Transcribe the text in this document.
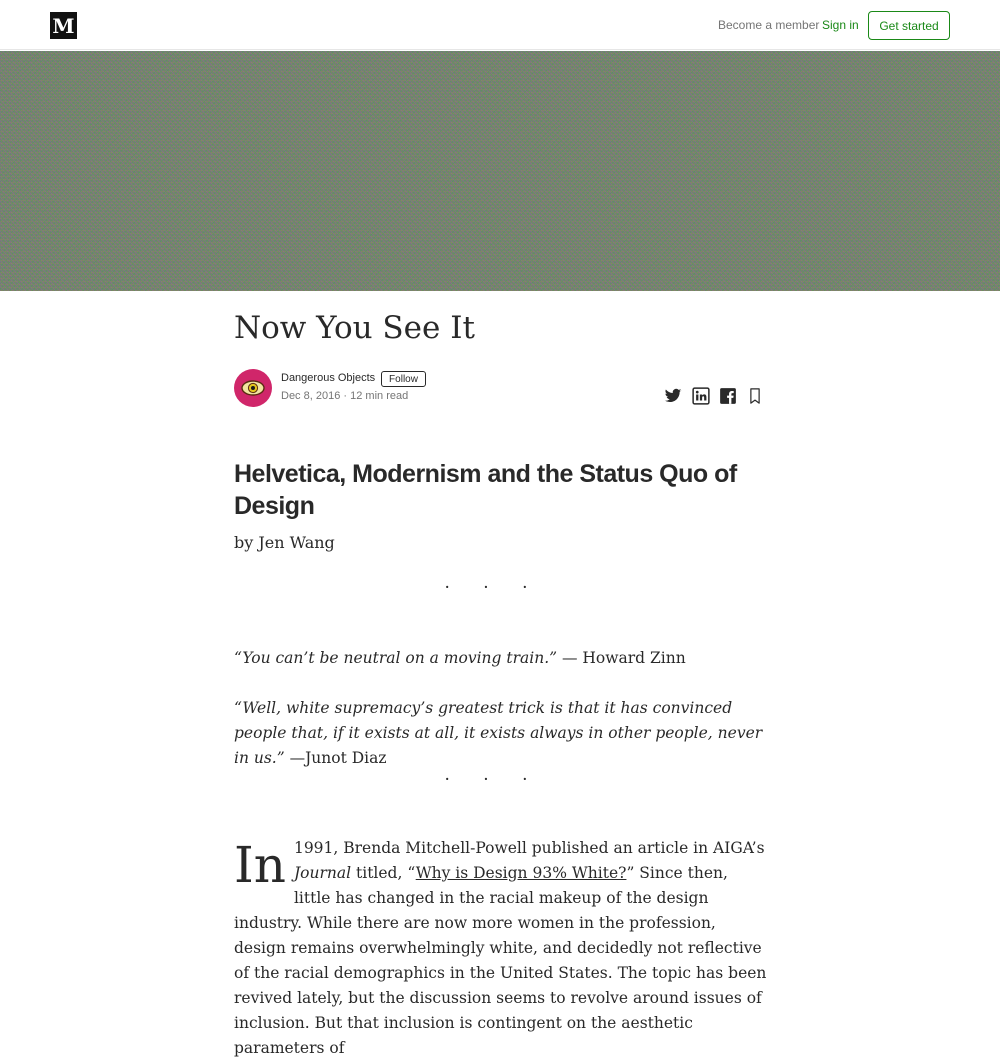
M	Become a member Sign in	Get started
Now You See It
Dangerous Objects	Follow
Dec 8, 2016 · 12 min read
Helvetica, Modernism and the Status Quo of Design
by Jen Wang
· · ·

“You can’t be neutral on a moving train.” — Howard Zinn

“Well, white supremacy’s greatest trick is that it has convinced people that, if it exists at all, it exists always in other people, never in us.” —Junot Diaz

· · ·

In 1991, Brenda Mitchell-Powell published an article in AIGA’s Journal titled, “Why is Design 93% White?” Since then, little has changed in the racial makeup of the design industry. While there are now more women in the profession, design remains overwhelmingly white, and decidedly not reflective of the racial demographics in the United States. The topic has been revived lately, but the discussion seems to revolve around issues of inclusion. But that inclusion is contingent on the aesthetic parameters of
